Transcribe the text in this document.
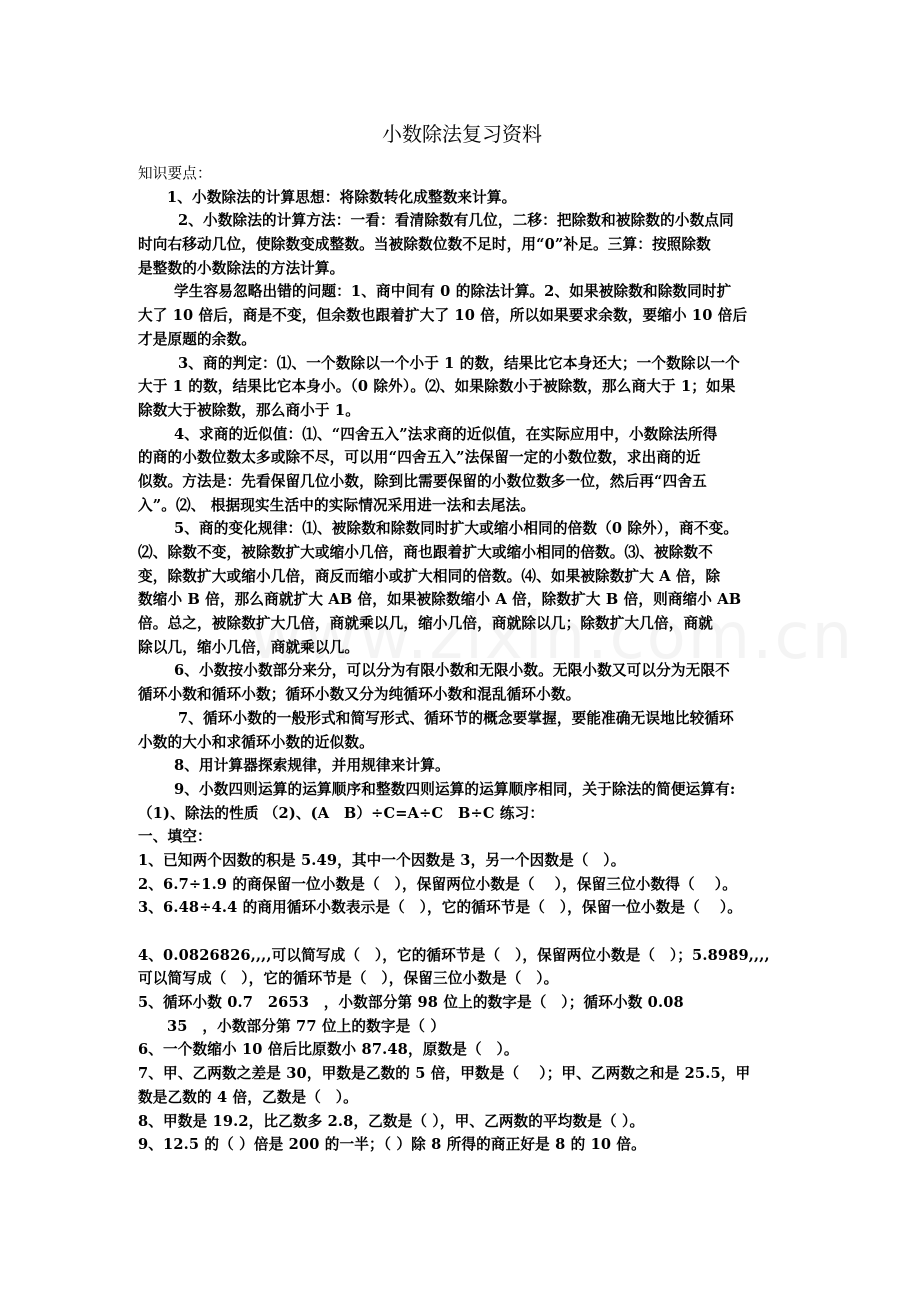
小数除法复习资料
知识要点：
1、小数除法的计算思想：将除数转化成整数来计算。
2、小数除法的计算方法：一看：看清除数有几位，二移：把除数和被除数的小数点同
时向右移动几位，使除数变成整数。当被除数位数不足时，用“0”补足。三算：按照除数
是整数的小数除法的方法计算。
学生容易忽略出错的问题：1、商中间有 0 的除法计算。2、如果被除数和除数同时扩
大了 10 倍后，商是不变，但余数也跟着扩大了 10 倍，所以如果要求余数，要缩小 10 倍后
才是原题的余数。
3、商的判定：⑴、一个数除以一个小于 1 的数，结果比它本身还大；一个数除以一个
大于 1 的数，结果比它本身小。（0 除外）。⑵、如果除数小于被除数，那么商大于 1；如果
除数大于被除数，那么商小于 1。
4、求商的近似值：⑴、“四舍五入”法求商的近似值，在实际应用中，小数除法所得
的商的小数位数太多或除不尽，可以用“四舍五入”法保留一定的小数位数，求出商的近
似数。方法是：先看保留几位小数，除到比需要保留的小数位数多一位，然后再“四舍五
入”。⑵、 根据现实生活中的实际情况采用进一法和去尾法。
5、商的变化规律：⑴、被除数和除数同时扩大或缩小相同的倍数（0 除外），商不变。
⑵、除数不变，被除数扩大或缩小几倍，商也跟着扩大或缩小相同的倍数。⑶、被除数不
变，除数扩大或缩小几倍，商反而缩小或扩大相同的倍数。⑷、如果被除数扩大 A 倍，除
数缩小 B 倍，那么商就扩大 AB 倍，如果被除数缩小 A 倍，除数扩大 B 倍，则商缩小 AB
倍。总之，被除数扩大几倍，商就乘以几，缩小几倍，商就除以几；除数扩大几倍，商就
除以几，缩小几倍，商就乘以几。
6、小数按小数部分来分，可以分为有限小数和无限小数。无限小数又可以分为无限不
循环小数和循环小数；循环小数又分为纯循环小数和混乱循环小数。
7、循环小数的一般形式和简写形式、循环节的概念要掌握，要能准确无误地比较循环
小数的大小和求循环小数的近似数。
8、用计算器探索规律，并用规律来计算。
9、小数四则运算的运算顺序和整数四则运算的运算顺序相同，关于除法的简便运算有:
（1)、除法的性质 （2)、(A　B）÷C=A÷C　B÷C 练习：
一、填空：
1、已知两个因数的积是 5.49，其中一个因数是 3，另一个因数是（　）。
2、6.7÷1.9 的商保留一位小数是（　），保留两位小数是（　 ），保留三位小数得（　 ）。
3、6.48÷4.4 的商用循环小数表示是（　），它的循环节是（　），保留一位小数是（　 ）。
4、0.0826826,,,,可以简写成（　），它的循环节是（　），保留两位小数是（　）；5.8989,,,,
可以简写成（　），它的循环节是（　），保留三位小数是（　）。
5、循环小数 0.7　2653　，小数部分第 98 位上的数字是（　）；循环小数 0.08
35　，小数部分第 77 位上的数字是（ ）
6、一个数缩小 10 倍后比原数小 87.48，原数是（　）。
7、甲、乙两数之差是 30，甲数是乙数的 5 倍，甲数是（　 ）；甲、乙两数之和是 25.5，甲
数是乙数的 4 倍，乙数是（　）。
8、甲数是 19.2，比乙数多 2.8，乙数是（ ），甲、乙两数的平均数是（ ）。
9、12.5 的（ ）倍是 200 的一半；（ ）除 8 所得的商正好是 8 的 10 倍。
